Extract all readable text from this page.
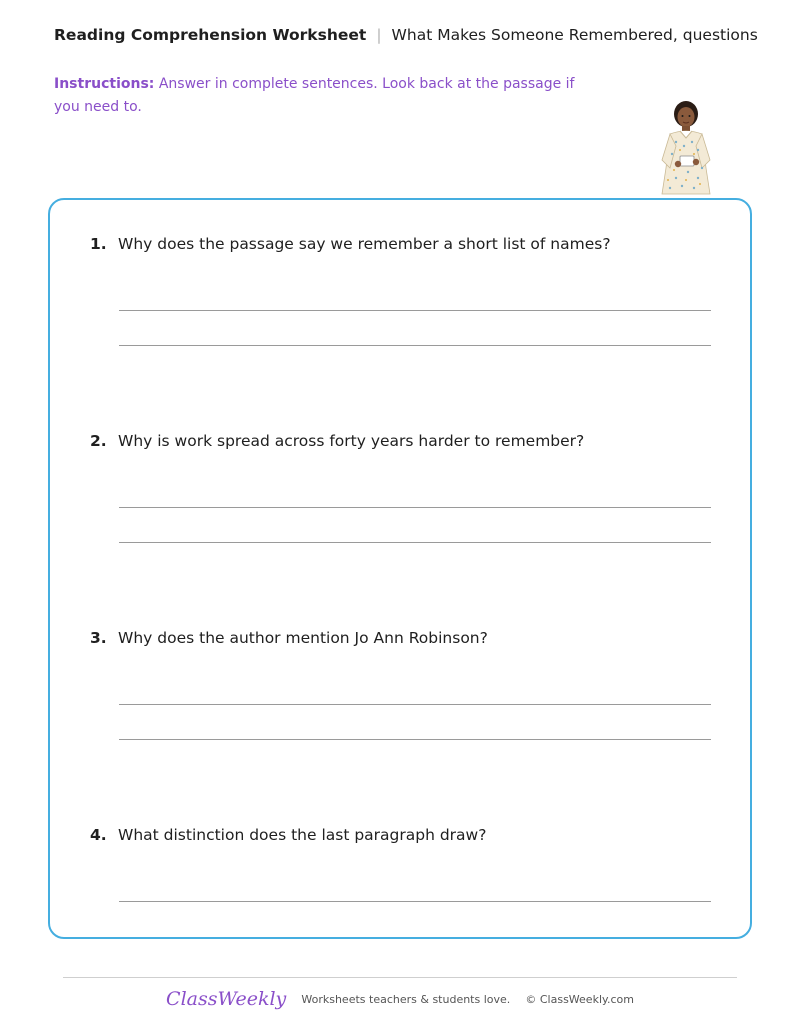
Reading Comprehension Worksheet | What Makes Someone Remembered, questions
Instructions: Answer in complete sentences. Look back at the passage if you need to.
1. Why does the passage say we remember a short list of names?
2. Why is work spread across forty years harder to remember?
3. Why does the author mention Jo Ann Robinson?
4. What distinction does the last paragraph draw?
ClassWeekly Worksheets teachers & students love. © ClassWeekly.com
